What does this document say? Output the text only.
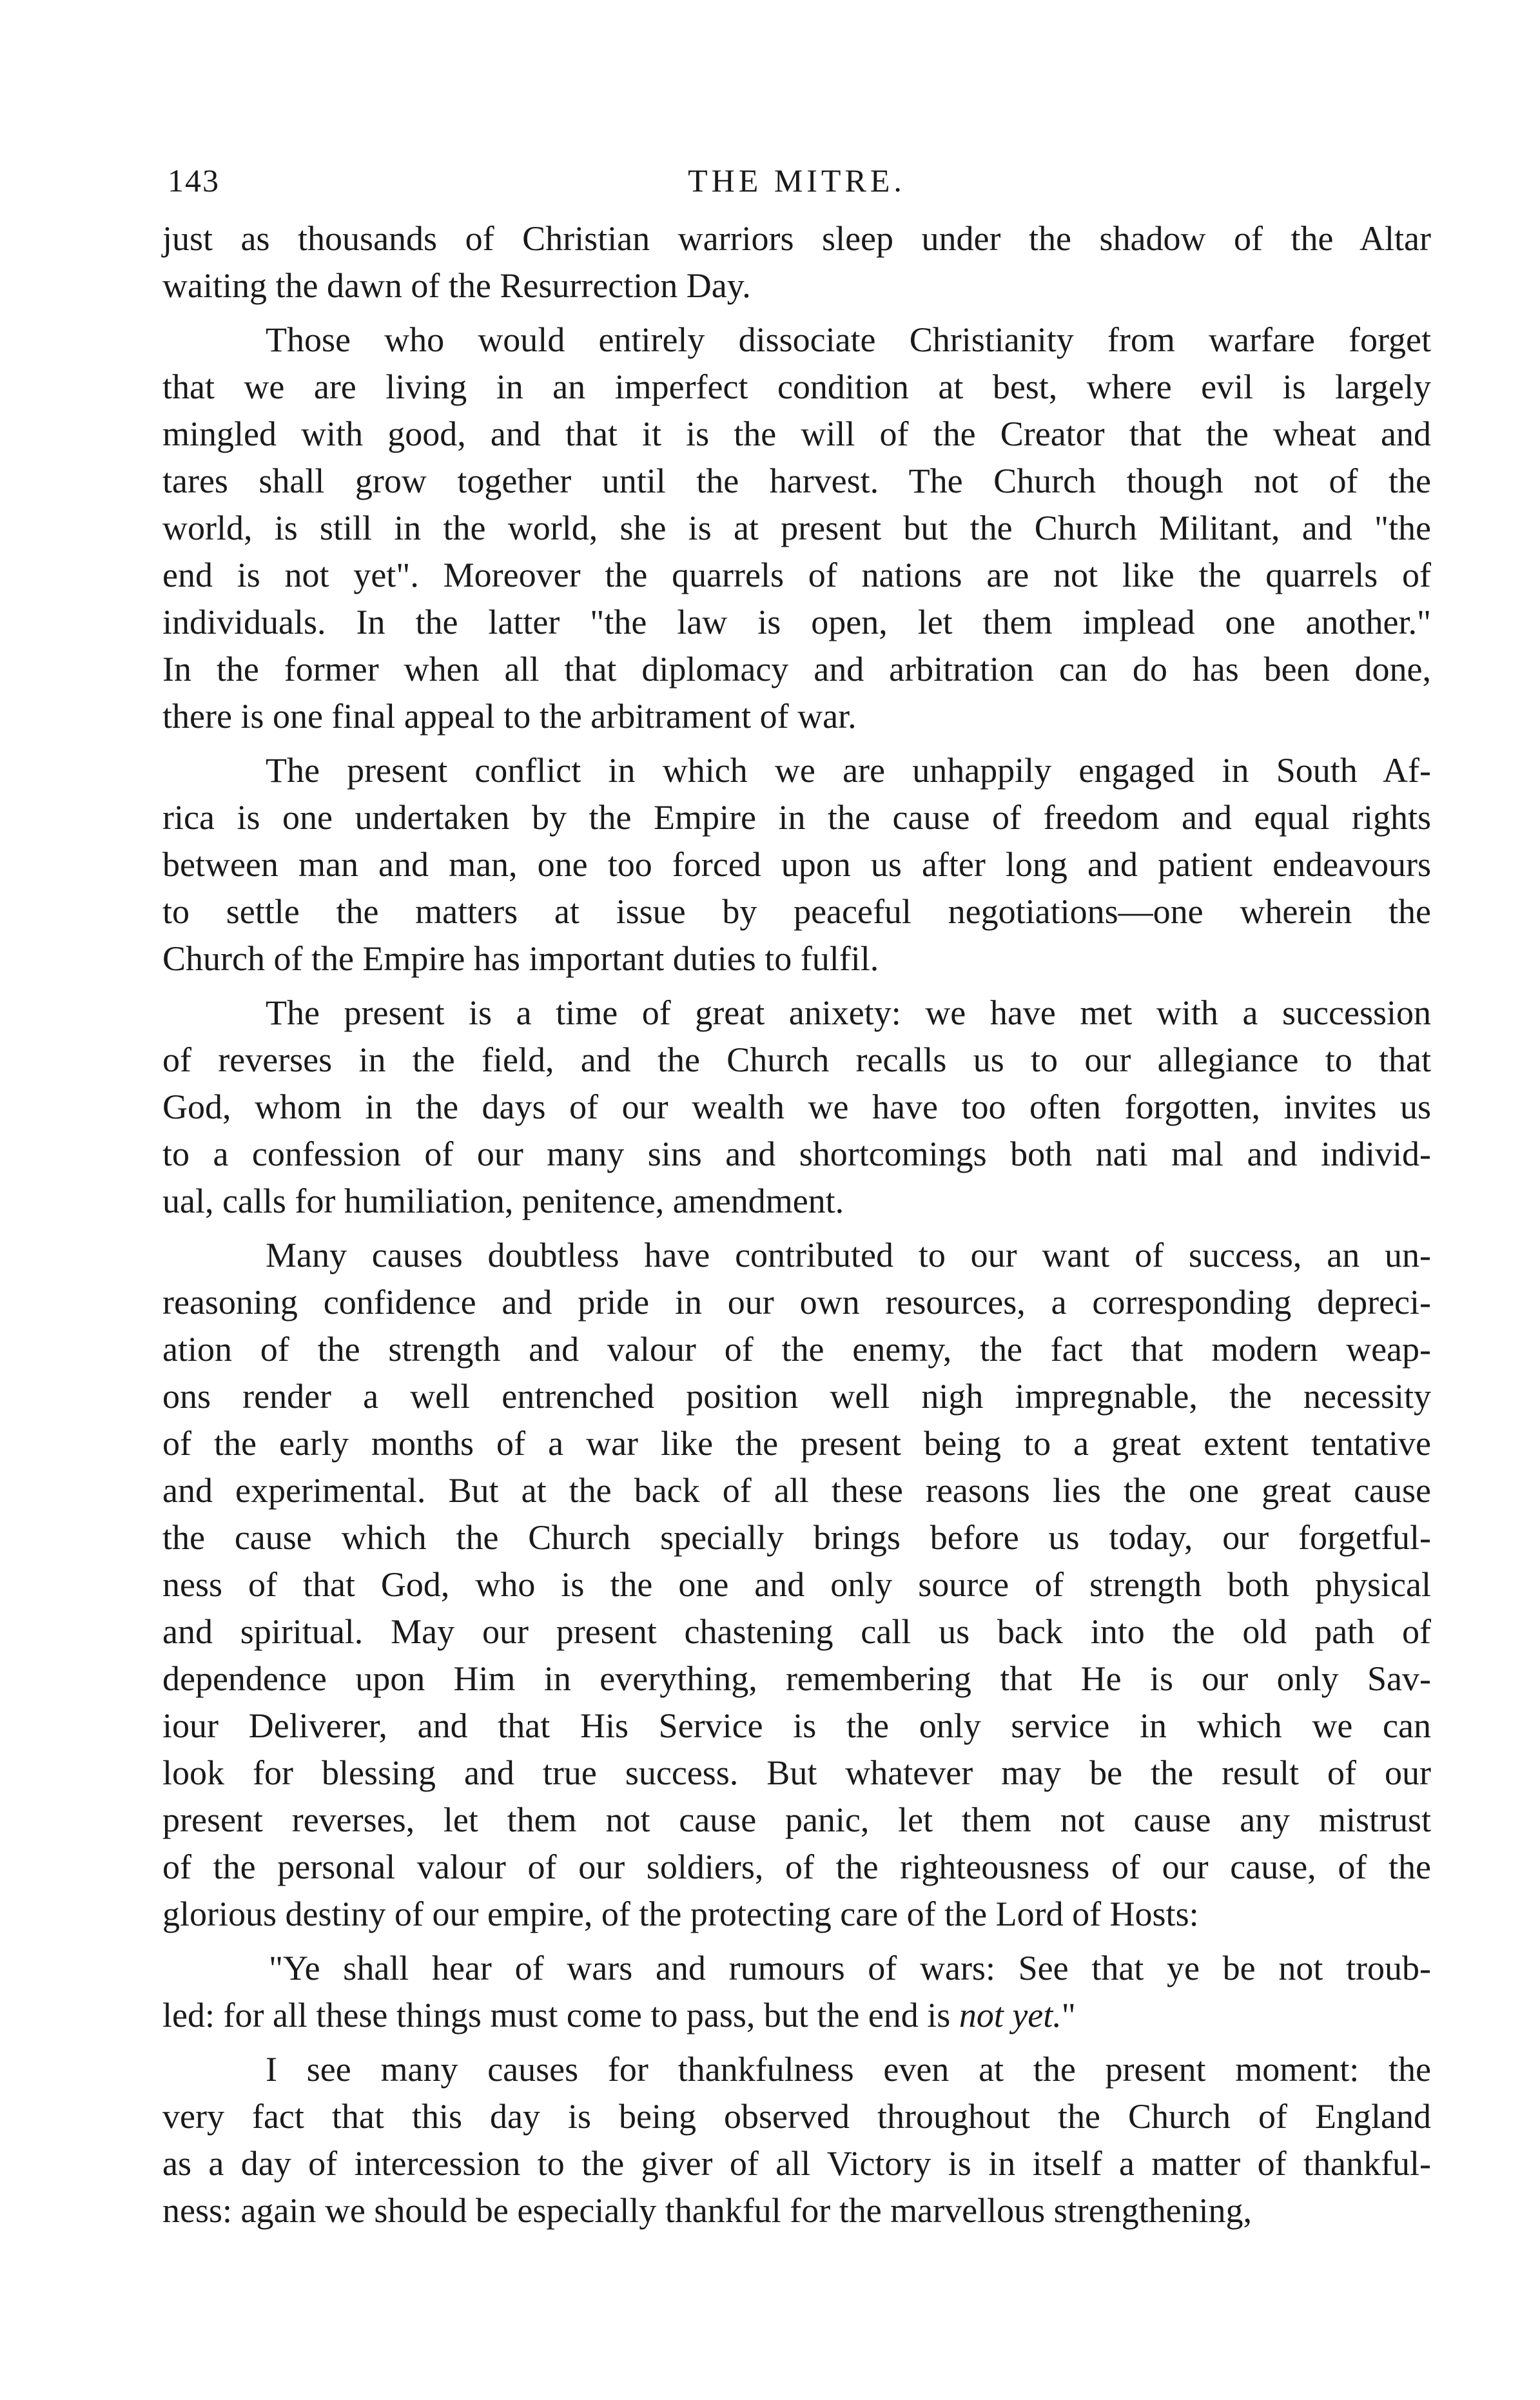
143	THE MITRE.

just as thousands of Christian warriors sleep under the shadow of the Altar
waiting the dawn of the Resurrection Day.

Those who would entirely dissociate Christianity from warfare forget
that we are living in an imperfect condition at best, where evil is largely
mingled with good, and that it is the will of the Creator that the wheat and
tares shall grow together until the harvest. The Church though not of the
world, is still in the world, she is at present but the Church Militant, and "the
end is not yet". Moreover the quarrels of nations are not like the quarrels of
individuals. In the latter "the law is open, let them implead one another."
In the former when all that diplomacy and arbitration can do has been done,
there is one final appeal to the arbitrament of war.

The present conflict in which we are unhappily engaged in South Af-
rica is one undertaken by the Empire in the cause of freedom and equal rights
between man and man, one too forced upon us after long and patient endeavours
to settle the matters at issue by peaceful negotiations—one wherein the
Church of the Empire has important duties to fulfil.

The present is a time of great anixety: we have met with a succession
of reverses in the field, and the Church recalls us to our allegiance to that
God, whom in the days of our wealth we have too often forgotten, invites us
to a confession of our many sins and shortcomings both nati mal and individ-
ual, calls for humiliation, penitence, amendment.

Many causes doubtless have contributed to our want of success, an un-
reasoning confidence and pride in our own resources, a corresponding depreci-
ation of the strength and valour of the enemy, the fact that modern weap-
ons render a well entrenched position well nigh impregnable, the necessity
of the early months of a war like the present being to a great extent tentative
and experimental. But at the back of all these reasons lies the one great cause
the cause which the Church specially brings before us today, our forgetful-
ness of that God, who is the one and only source of strength both physical
and spiritual. May our present chastening call us back into the old path of
dependence upon Him in everything, remembering that He is our only Sav-
iour Deliverer, and that His Service is the only service in which we can
look for blessing and true success. But whatever may be the result of our
present reverses, let them not cause panic, let them not cause any mistrust
of the personal valour of our soldiers, of the righteousness of our cause, of the
glorious destiny of our empire, of the protecting care of the Lord of Hosts:

"Ye shall hear of wars and rumours of wars: See that ye be not troub-
led: for all these things must come to pass, but the end is not yet."

I see many causes for thankfulness even at the present moment: the
very fact that this day is being observed throughout the Church of England
as a day of intercession to the giver of all Victory is in itself a matter of thankful-
ness: again we should be especially thankful for the marvellous strengthening,
